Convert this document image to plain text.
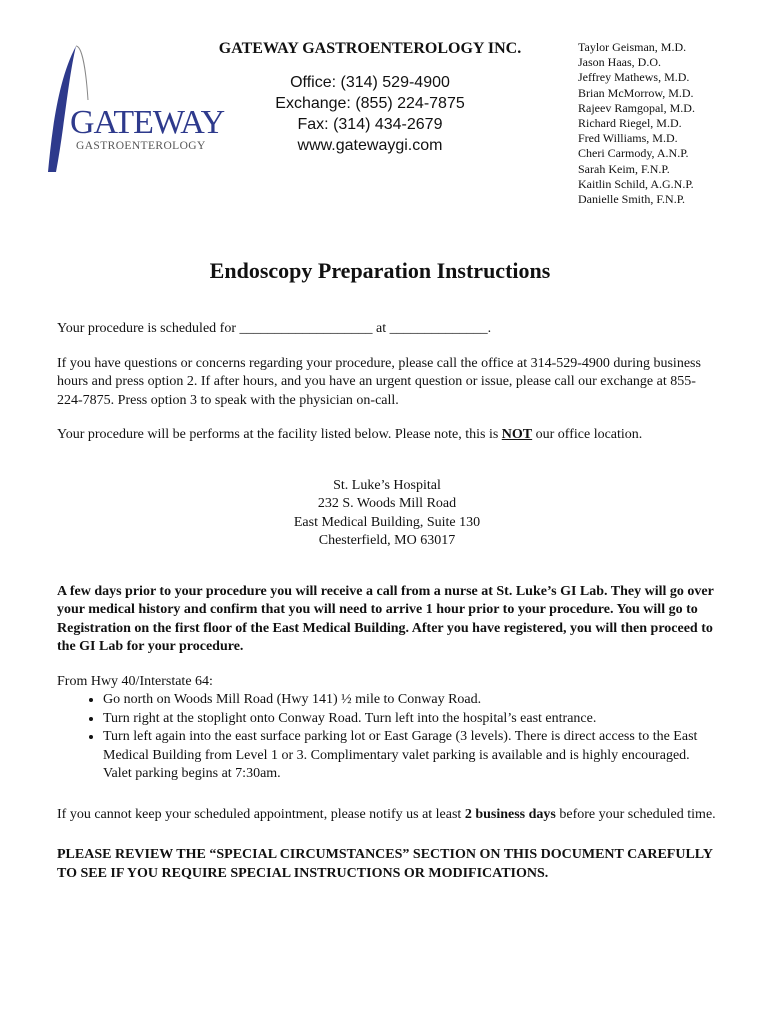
GATEWAY
GASTROENTEROLOGY
GATEWAY GASTROENTEROLOGY INC.
Office: (314) 529-4900
Exchange: (855) 224-7875
Fax: (314) 434-2679
www.gatewaygi.com
Taylor Geisman, M.D.
Jason Haas, D.O.
Jeffrey Mathews, M.D.
Brian McMorrow, M.D.
Rajeev Ramgopal, M.D.
Richard Riegel, M.D.
Fred Williams, M.D.
Cheri Carmody, A.N.P.
Sarah Keim, F.N.P.
Kaitlin Schild, A.G.N.P.
Danielle Smith, F.N.P.
Endoscopy Preparation Instructions

Your procedure is scheduled for ___________________ at ______________.

If you have questions or concerns regarding your procedure, please call the office at 314-529-4900 during business hours and press option 2. If after hours, and you have an urgent question or issue, please call our exchange at 855-224-7875. Press option 3 to speak with the physician on-call.

Your procedure will be performs at the facility listed below. Please note, this is NOT our office location.

St. Luke’s Hospital
232 S. Woods Mill Road
East Medical Building, Suite 130
Chesterfield, MO 63017

A few days prior to your procedure you will receive a call from a nurse at St. Luke’s GI Lab. They will go over your medical history and confirm that you will need to arrive 1 hour prior to your procedure. You will go to Registration on the first floor of the East Medical Building. After you have registered, you will then proceed to the GI Lab for your procedure.

From Hwy 40/Interstate 64:

• Go north on Woods Mill Road (Hwy 141) ½ mile to Conway Road.
• Turn right at the stoplight onto Conway Road. Turn left into the hospital’s east entrance.
• Turn left again into the east surface parking lot or East Garage (3 levels). There is direct access to the East Medical Building from Level 1 or 3. Complimentary valet parking is available and is highly encouraged. Valet parking begins at 7:30am.

If you cannot keep your scheduled appointment, please notify us at least 2 business days before your scheduled time.

PLEASE REVIEW THE “SPECIAL CIRCUMSTANCES” SECTION ON THIS DOCUMENT CAREFULLY TO SEE IF YOU REQUIRE SPECIAL INSTRUCTIONS OR MODIFICATIONS.
